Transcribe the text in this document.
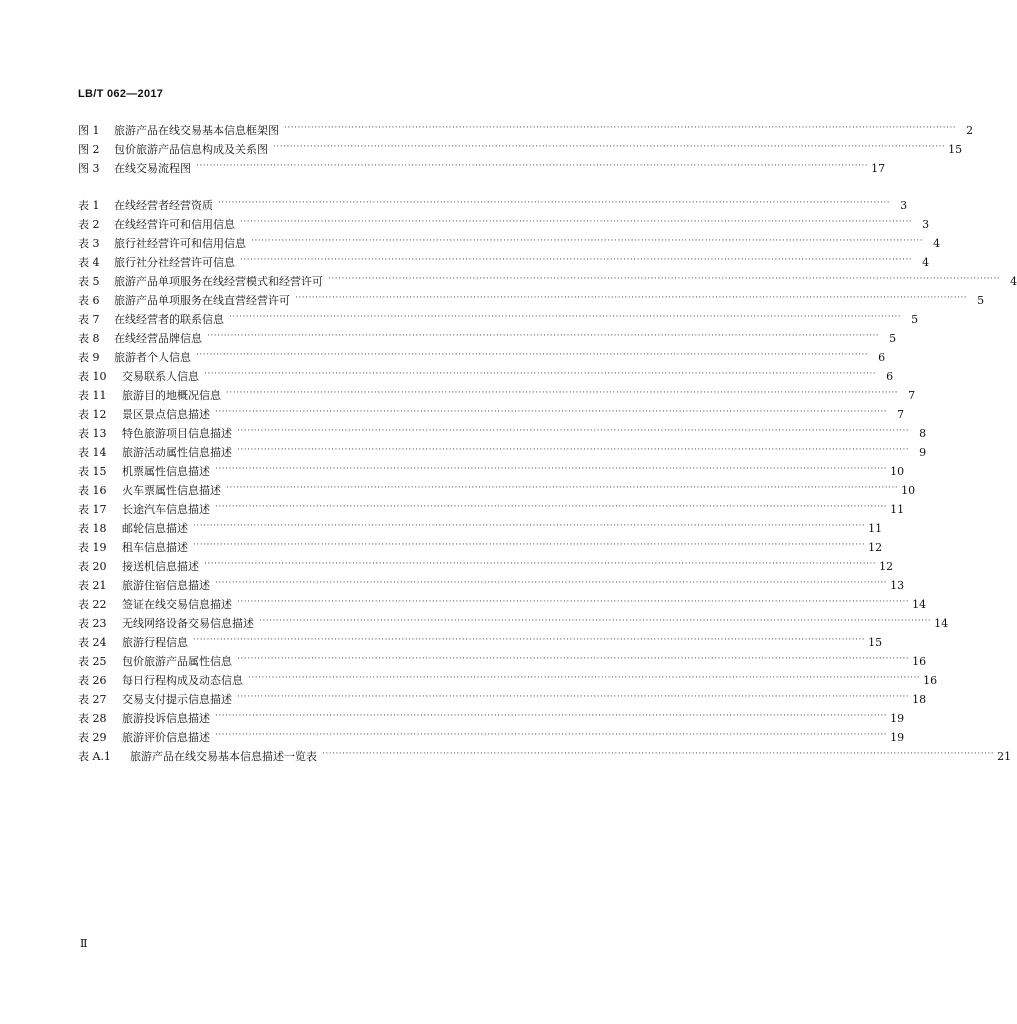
LB/T 062—2017
图 1	旅游产品在线交易基本信息框架图 ········································································································································································································ 2
图 2	包价旅游产品信息构成及关系图 ········································································································································································································ 15
图 3	在线交易流程图 ········································································································································································································ 17
表 1	在线经营者经营资质 ········································································································································································································ 3
表 2	在线经营许可和信用信息 ········································································································································································································ 3
表 3	旅行社经营许可和信用信息 ········································································································································································································ 4
表 4	旅行社分社经营许可信息 ········································································································································································································ 4
表 5	旅游产品单项服务在线经营模式和经营许可 ········································································································································································································ 4
表 6	旅游产品单项服务在线直营经营许可 ········································································································································································································ 5
表 7	在线经营者的联系信息 ········································································································································································································ 5
表 8	在线经营品牌信息 ········································································································································································································ 5
表 9	旅游者个人信息 ········································································································································································································ 6
表 10	交易联系人信息 ········································································································································································································ 6
表 11	旅游目的地概况信息 ········································································································································································································ 7
表 12	景区景点信息描述 ········································································································································································································ 7
表 13	特色旅游项目信息描述 ········································································································································································································ 8
表 14	旅游活动属性信息描述 ········································································································································································································ 9
表 15	机票属性信息描述 ········································································································································································································ 10
表 16	火车票属性信息描述 ········································································································································································································ 10
表 17	长途汽车信息描述 ········································································································································································································ 11
表 18	邮轮信息描述 ········································································································································································································ 11
表 19	租车信息描述 ········································································································································································································ 12
表 20	接送机信息描述 ········································································································································································································ 12
表 21	旅游住宿信息描述 ········································································································································································································ 13
表 22	签证在线交易信息描述 ········································································································································································································ 14
表 23	无线网络设备交易信息描述 ········································································································································································································ 14
表 24	旅游行程信息 ········································································································································································································ 15
表 25	包价旅游产品属性信息 ········································································································································································································ 16
表 26	每日行程构成及动态信息 ········································································································································································································ 16
表 27	交易支付提示信息描述 ········································································································································································································ 18
表 28	旅游投诉信息描述 ········································································································································································································ 19
表 29	旅游评价信息描述 ········································································································································································································ 19
表 A.1	旅游产品在线交易基本信息描述一览表 ········································································································································································································ 21
Ⅱ
